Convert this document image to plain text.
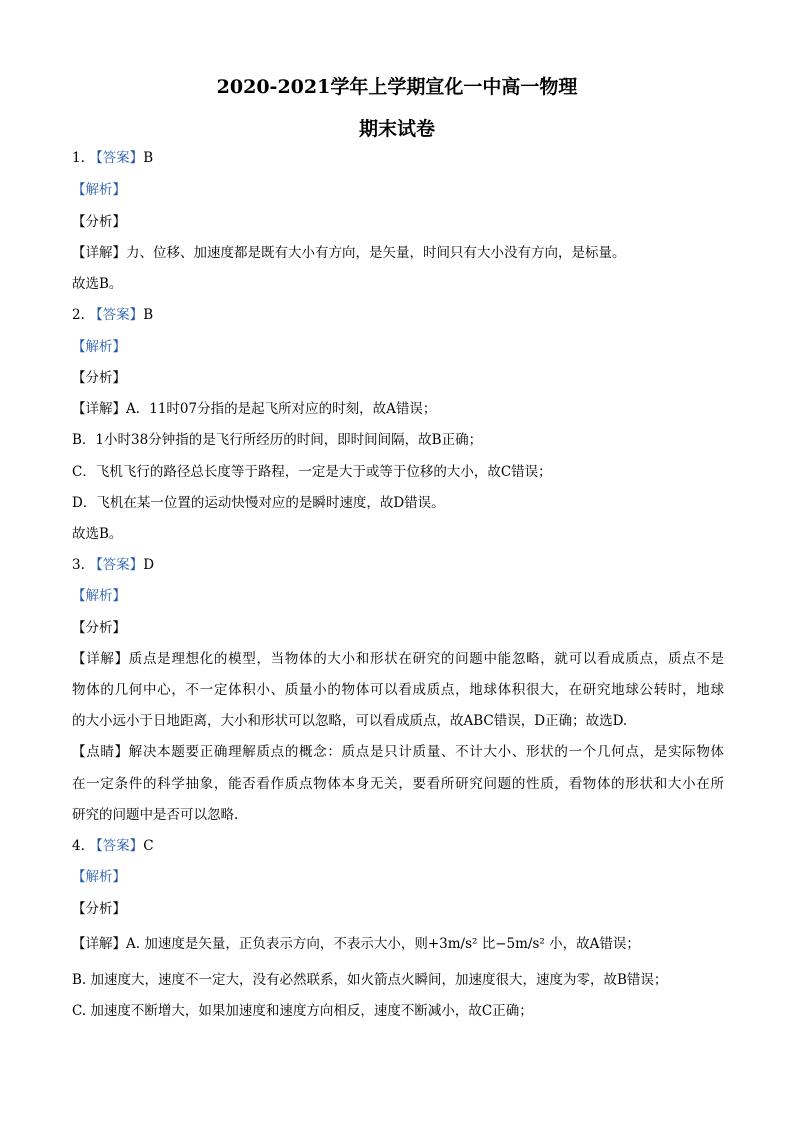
2020-2021学年上学期宣化一中高一物理
期末试卷
1. 【答案】B
【解析】
【分析】
【详解】力、位移、加速度都是既有大小有方向，是矢量，时间只有大小没有方向，是标量。
故选B。
2. 【答案】B
【解析】
【分析】
【详解】A．11时07分指的是起飞所对应的时刻，故A错误；
B．1小时38分钟指的是飞行所经历的时间，即时间间隔，故B正确；
C．飞机飞行的路径总长度等于路程，一定是大于或等于位移的大小，故C错误；
D．飞机在某一位置的运动快慢对应的是瞬时速度，故D错误。
故选B。
3. 【答案】D
【解析】
【分析】
【详解】质点是理想化的模型，当物体的大小和形状在研究的问题中能忽略，就可以看成质点，质点不是
物体的几何中心，不一定体积小、质量小的物体可以看成质点，地球体积很大，在研究地球公转时，地球
的大小远小于日地距离，大小和形状可以忽略，可以看成质点，故ABC错误，D正确；故选D.
【点睛】解决本题要正确理解质点的概念：质点是只计质量、不计大小、形状的一个几何点，是实际物体
在一定条件的科学抽象，能否看作质点物体本身无关，要看所研究问题的性质，看物体的形状和大小在所
研究的问题中是否可以忽略.
4. 【答案】C
【解析】
【分析】
【详解】A. 加速度是矢量，正负表示方向，不表示大小，则+3m/s² 比−5m/s² 小，故A错误；
B. 加速度大，速度不一定大，没有必然联系，如火箭点火瞬间，加速度很大，速度为零，故B错误；
C. 加速度不断增大，如果加速度和速度方向相反，速度不断减小，故C正确；
